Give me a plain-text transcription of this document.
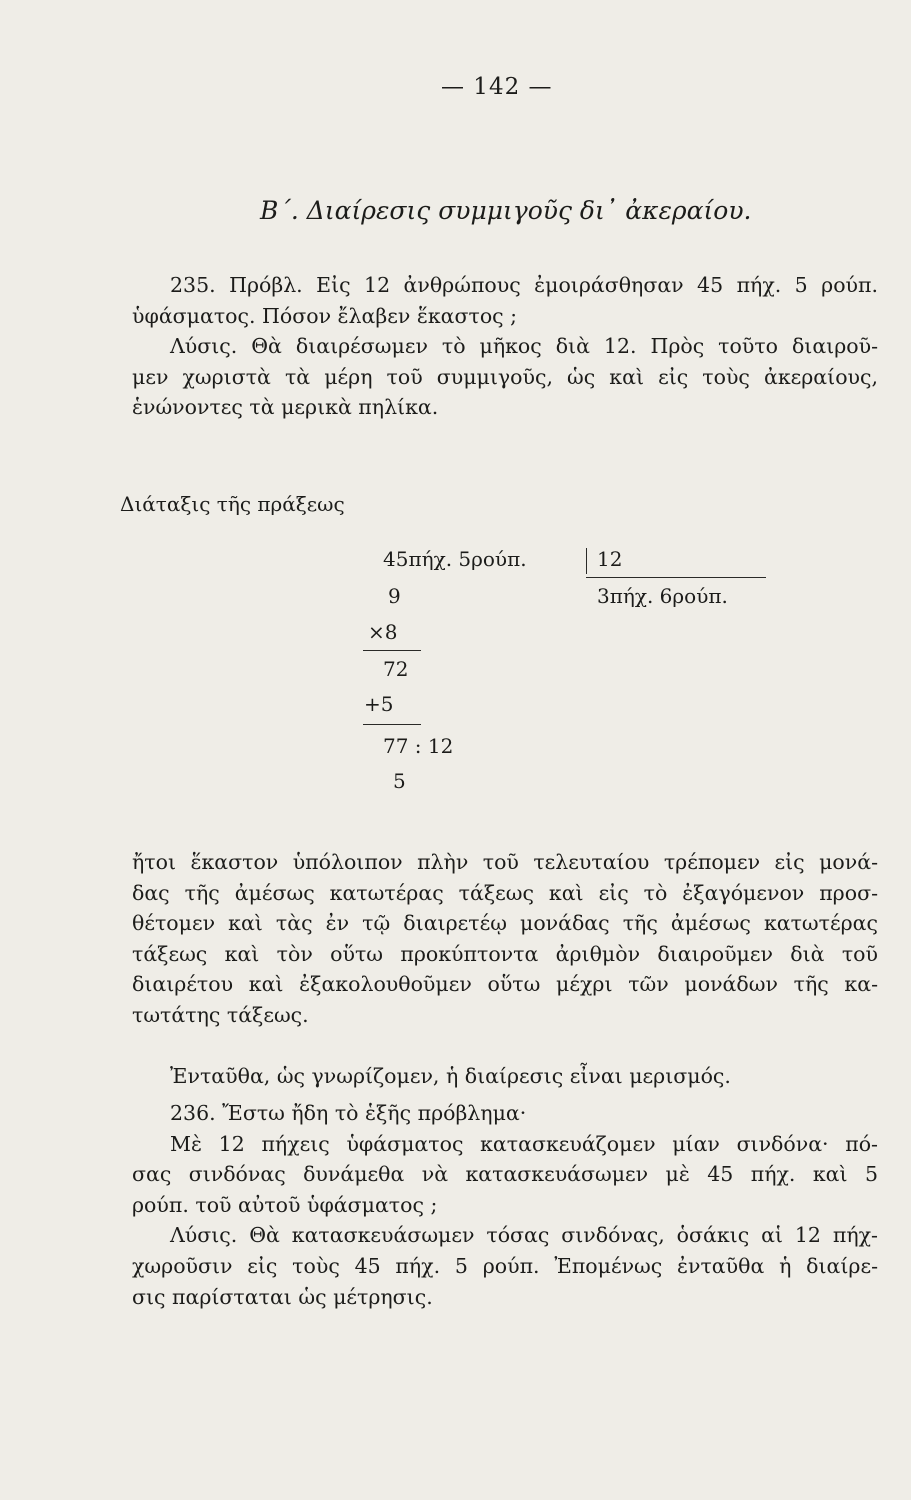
— 142 —
Β΄. Διαίρεσις συμμιγοῦς δι᾽ ἀκεραίου.
235. Πρόβλ. Εἰς 12 ἀνθρώπους ἐμοιράσθησαν 45 πήχ. 5 ρούπ.
ὑφάσματος. Πόσον ἔλαβεν ἕκαστος ;
Λύσις. Θὰ διαιρέσωμεν τὸ μῆκος διὰ 12. Πρὸς τοῦτο διαιροῦ-
μεν χωριστὰ τὰ μέρη τοῦ συμμιγοῦς, ὡς καὶ εἰς τοὺς ἀκεραίους,
ἑνώνοντες τὰ μερικὰ πηλίκα.
Διάταξις τῆς πράξεως
45πήχ. 5ρούπ.	12
3πήχ. 6ρούπ.
9
×8
72
+5
77 : 12
5
ἤτοι ἕκαστον ὑπόλοιπον πλὴν τοῦ τελευταίου τρέπομεν εἰς μονά-
δας τῆς ἀμέσως κατωτέρας τάξεως καὶ εἰς τὸ ἐξαγόμενον προσ-
θέτομεν καὶ τὰς ἐν τῷ διαιρετέῳ μονάδας τῆς ἀμέσως κατωτέρας
τάξεως καὶ τὸν οὕτω προκύπτοντα ἀριθμὸν διαιροῦμεν διὰ τοῦ
διαιρέτου καὶ ἐξακολουθοῦμεν οὕτω μέχρι τῶν μονάδων τῆς κα-
τωτάτης τάξεως.
Ἐνταῦθα, ὡς γνωρίζομεν, ἡ διαίρεσις εἶναι μερισμός.
236. Ἔστω ἤδη τὸ ἑξῆς πρόβλημα·
Μὲ 12 πήχεις ὑφάσματος κατασκευάζομεν μίαν σινδόνα· πό-
σας σινδόνας δυνάμεθα νὰ κατασκευάσωμεν μὲ 45 πήχ. καὶ 5
ρούπ. τοῦ αὐτοῦ ὑφάσματος ;
Λύσις. Θὰ κατασκευάσωμεν τόσας σινδόνας, ὁσάκις αἱ 12 πήχ-
χωροῦσιν εἰς τοὺς 45 πήχ. 5 ρούπ. Ἐπομένως ἐνταῦθα ἡ διαίρε-
σις παρίσταται ὡς μέτρησις.
